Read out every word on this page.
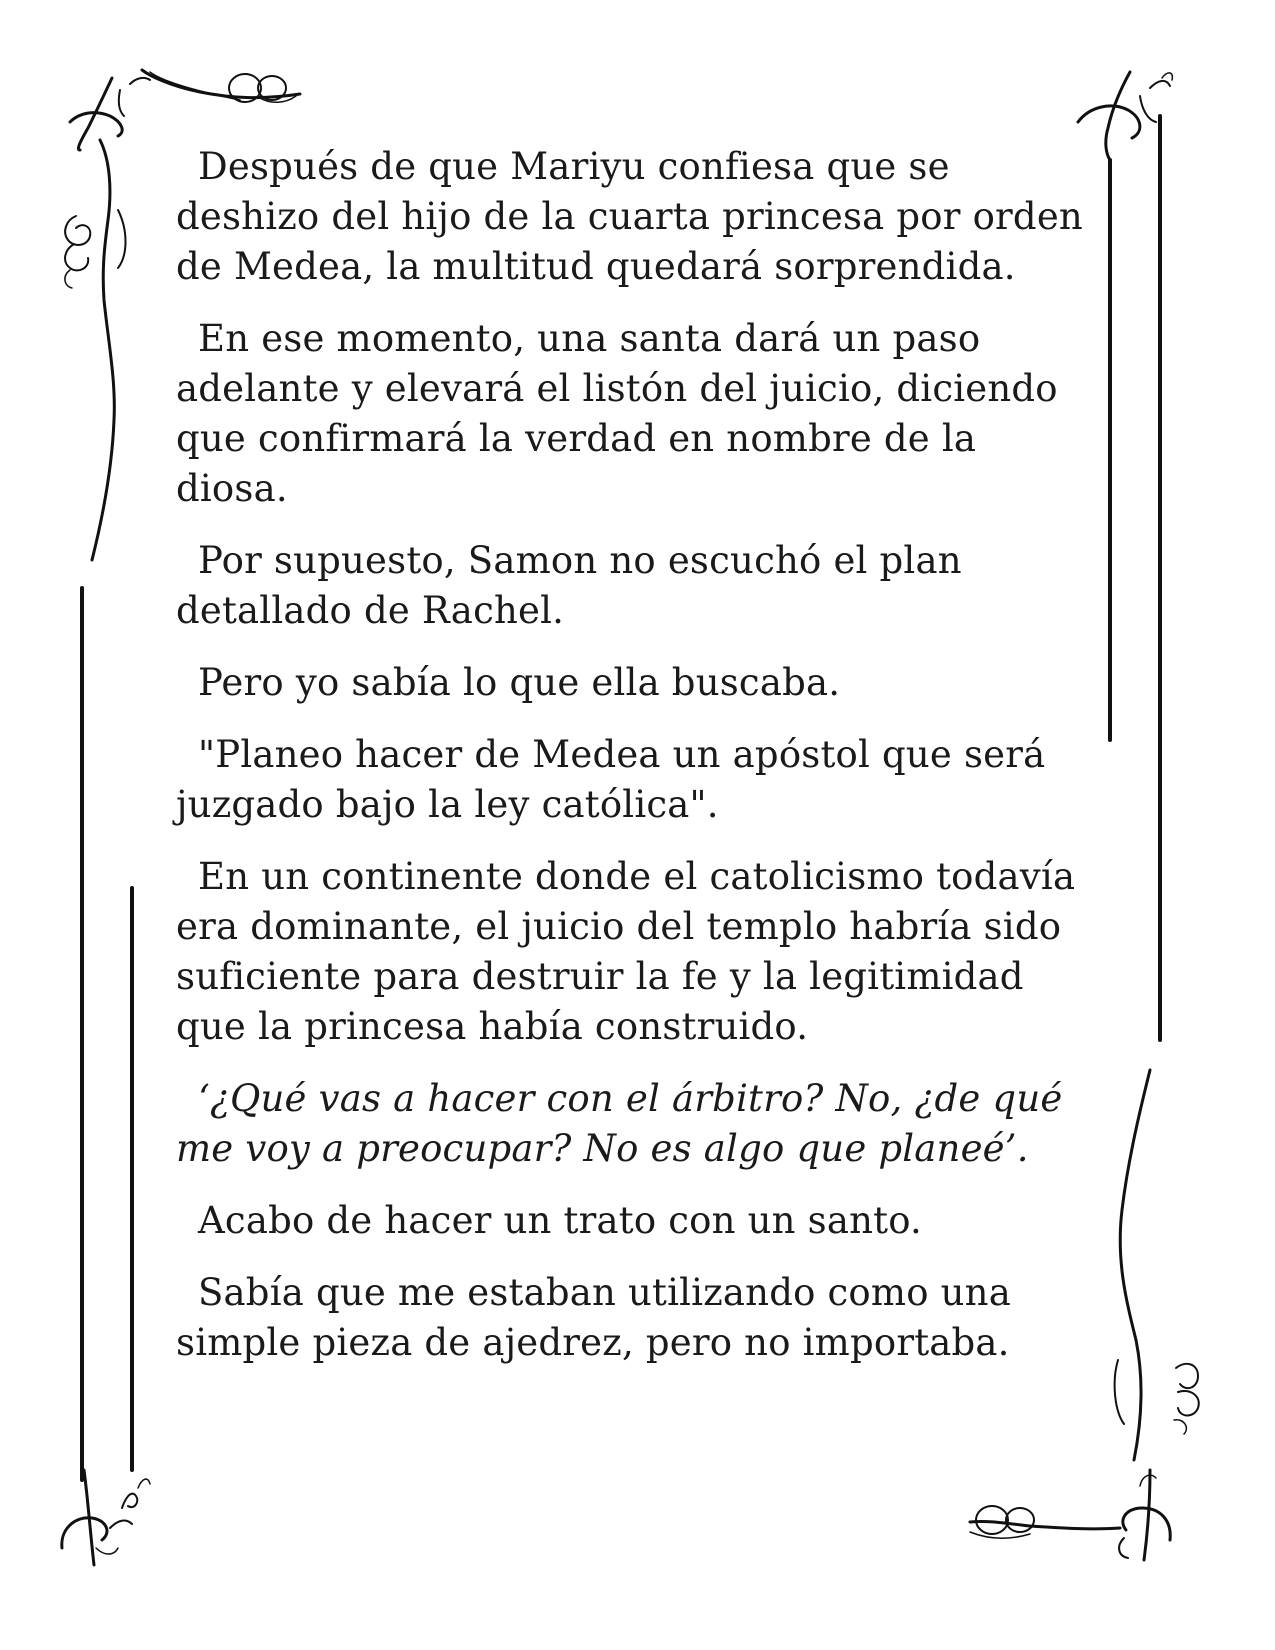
Después de que Mariyu confiesa que se
deshizo del hijo de la cuarta princesa por orden
de Medea, la multitud quedará sorprendida.

En ese momento, una santa dará un paso
adelante y elevará el listón del juicio, diciendo
que confirmará la verdad en nombre de la
diosa.

Por supuesto, Samon no escuchó el plan
detallado de Rachel.

Pero yo sabía lo que ella buscaba.

"Planeo hacer de Medea un apóstol que será
juzgado bajo la ley católica".

En un continente donde el catolicismo todavía
era dominante, el juicio del templo habría sido
suficiente para destruir la fe y la legitimidad
que la princesa había construido.

‘¿Qué vas a hacer con el árbitro? No, ¿de qué
me voy a preocupar? No es algo que planeé’.

Acabo de hacer un trato con un santo.

Sabía que me estaban utilizando como una
simple pieza de ajedrez, pero no importaba.
